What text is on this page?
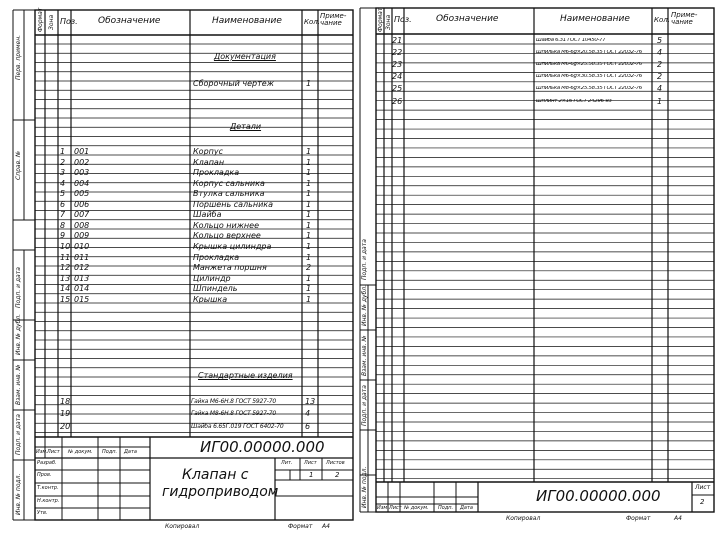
Перв. примен.
Справ. №
Подп. и дата
Инв. № дубл.
Взам. инв. №
Подп. и дата
Инв. № подл.
Формат Зона Поз. Обозначение	Наименование	Кол.
Приме-
чание
Документация
Сборочный чертеж	1
Детали
Стандартные изделия
1 001	Корпус	1
2 002	Клапан	1
3 003	Прокладка	1
4 004	Корпус сальника	1
5 005	Втулка сальника	1
6 006	Поршень сальника	1
7 007	Шайба	1
8 008	Кольцо нижнее	1
9 009	Кольцо верхнее	1
10 010	Крышка цилиндра	1
11 011	Прокладка	1
12 012	Манжета поршня	2
13 013	Цилиндр	1
14 014	Шпиндель	1
15 015	Крышка	1
18	Гайка М6-6Н.8 ГОСТ 5927-70	13
19	Гайка М8-6Н.8 ГОСТ 5927-70	4
20	Шайба 6.65Г.019 ГОСТ 6402-70	6
ИГ00.00000.000
Клапан с
гидроприводом
Изм. Лист № докум. Подп. Дата
Разраб.
Пров.
Т.контр.
Н.контр.
Утв.
Лит. Лист Листов
1	2
Копировал	Формат А4
Подп. и дата
Инв. № дубл.
Взам. инв. №
Подп. и дата
Инв. № подл.
Формат Зона Поз.	Обозначение	Наименование	Кол.
Приме-
чание
21	Шайба 6.31 ГОСТ 10450-77	5
22	Шпилька М6-6g×20.58.35 ГОСТ 22032-76 4
23	Шпилька М6-6g×25.58.35 ГОСТ 22032-76 2
24	Шпилька М6-6g×30.58.35 ГОСТ 22032-76 2
25	Шпилька М8-6g×25.58.35 ГОСТ 22032-76 4
26	Шплинт 2×16 ГОСТ 24296-93	1
ИГ00.00000.000
Изм. Лист № докум. Подп. Дата
Лист
2
Копировал	Формат	А4
